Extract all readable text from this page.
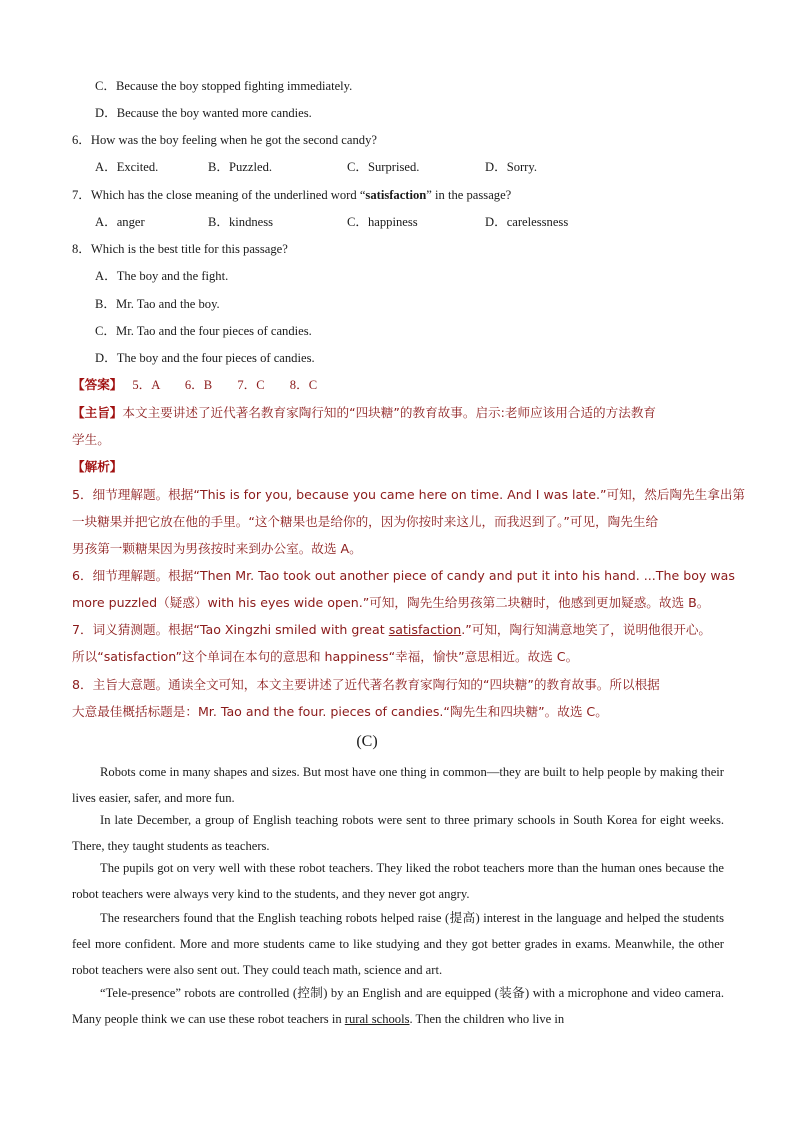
C．Because the boy stopped fighting immediately.
D．Because the boy wanted more candies.
6．How was the boy feeling when he got the second candy?
A．Excited.	B．Puzzled.	C．Surprised.	D．Sorry.
7．Which has the close meaning of the underlined word “satisfaction” in the passage?
A．anger	B．kindness	C．happiness	D．carelessness
8．Which is the best title for this passage?
A．The boy and the fight.
B．Mr. Tao and the boy.
C．Mr. Tao and the four pieces of candies.
D．The boy and the four pieces of candies.
【答案】 5．A　　6．B　　7．C　　8．C
【主旨】本文主要讲述了近代著名教育家陶行知的“四块糖”的教育故事。启示:老师应该用合适的方法教育
学生。
【解析】
5．细节理解题。根据“This is for you, because you came here on time. And I was late.”可知，然后陶先生拿出第
一块糖果并把它放在他的手里。“这个糖果也是给你的，因为你按时来这儿，而我迟到了。”可见，陶先生给
男孩第一颗糖果因为男孩按时来到办公室。故选 A。
6．细节理解题。根据“Then Mr. Tao took out another piece of candy and put it into his hand. ...The boy was
more puzzled（疑惑）with his eyes wide open.”可知，陶先生给男孩第二块糖时，他感到更加疑惑。故选 B。
7．词义猜测题。根据“Tao Xingzhi smiled with great satisfaction.”可知，陶行知满意地笑了，说明他很开心。
所以“satisfaction”这个单词在本句的意思和 happiness“幸福，愉快”意思相近。故选 C。
8．主旨大意题。通读全文可知，本文主要讲述了近代著名教育家陶行知的“四块糖”的教育故事。所以根据
大意最佳概括标题是：Mr. Tao and the four. pieces of candies.“陶先生和四块糖”。故选 C。
(C)
Robots come in many shapes and sizes. But most have one thing in common—they are built to help people by making their lives easier, safer, and more fun.
In late December, a group of English teaching robots were sent to three primary schools in South Korea for eight weeks. There, they taught students as teachers.
The pupils got on very well with these robot teachers. They liked the robot teachers more than the human ones because the robot teachers were always very kind to the students, and they never got angry.
The researchers found that the English teaching robots helped raise (提高) interest in the language and helped the students feel more confident. More and more students came to like studying and they got better grades in exams. Meanwhile, the other robot teachers were also sent out. They could teach math, science and art.
“Tele-presence” robots are controlled (控制) by an English and are equipped (装备) with a microphone and video camera. Many people think we can use these robot teachers in rural schools. Then the children who live in
